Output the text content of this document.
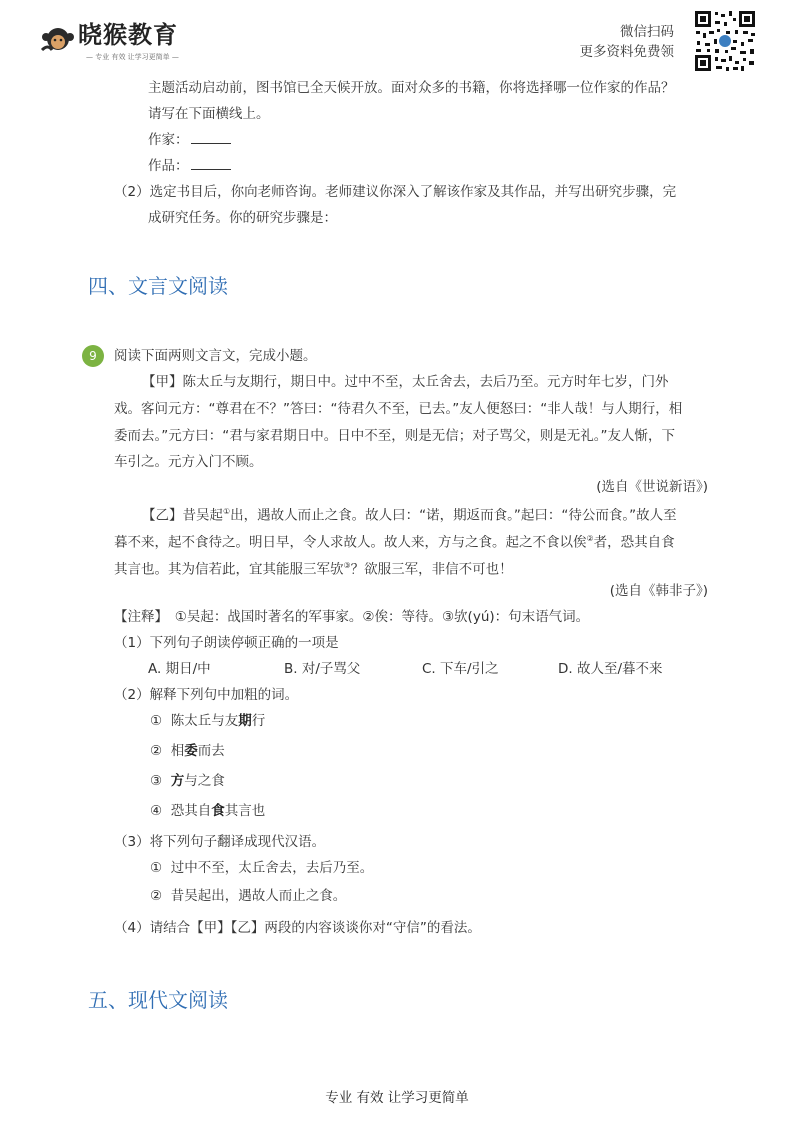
晓猴教育
— 专业 有效 让学习更简单 —
微信扫码
更多资料免费领
主题活动启动前，图书馆已全天候开放。面对众多的书籍，你将选择哪一位作家的作品？
请写在下面横线上。
作家：
作品：
（2）选定书目后，你向老师咨询。老师建议你深入了解该作家及其作品，并写出研究步骤，完
成研究任务。你的研究步骤是：
四、文言文阅读
9	阅读下面两则文言文，完成小题。
【甲】陈太丘与友期行，期日中。过中不至，太丘舍去，去后乃至。元方时年七岁，门外
戏。客问元方：“尊君在不？”答曰：“待君久不至，已去。”友人便怒曰：“非人哉！与人期行，相
委而去。”元方曰：“君与家君期日中。日中不至，则是无信；对子骂父，则是无礼。”友人惭，下
车引之。元方入门不顾。
(选自《世说新语》)
【乙】昔吴起①出，遇故人而止之食。故人曰：“诺，期返而食。”起曰：“待公而食。”故人至
暮不来，起不食待之。明日早，令人求故人。故人来，方与之食。起之不食以俟②者，恐其自食
其言也。其为信若此，宜其能服三军欤③？欲服三军，非信不可也！
(选自《韩非子》)
【注释】　①吴起：战国时著名的军事家。②俟：等待。③欤(yú)：句末语气词。
（1）下列句子朗读停顿正确的一项是
A. 期日/中	B. 对/子骂父	C. 下车/引之	D. 故人至/暮不来
（2）解释下列句中加粗的词。
① 陈太丘与友期行
② 相委而去
③ 方与之食
④ 恐其自食其言也
（3）将下列句子翻译成现代汉语。
① 过中不至，太丘舍去，去后乃至。
② 昔吴起出，遇故人而止之食。
（4）请结合【甲】【乙】两段的内容谈谈你对“守信”的看法。
五、现代文阅读
专业 有效 让学习更简单
